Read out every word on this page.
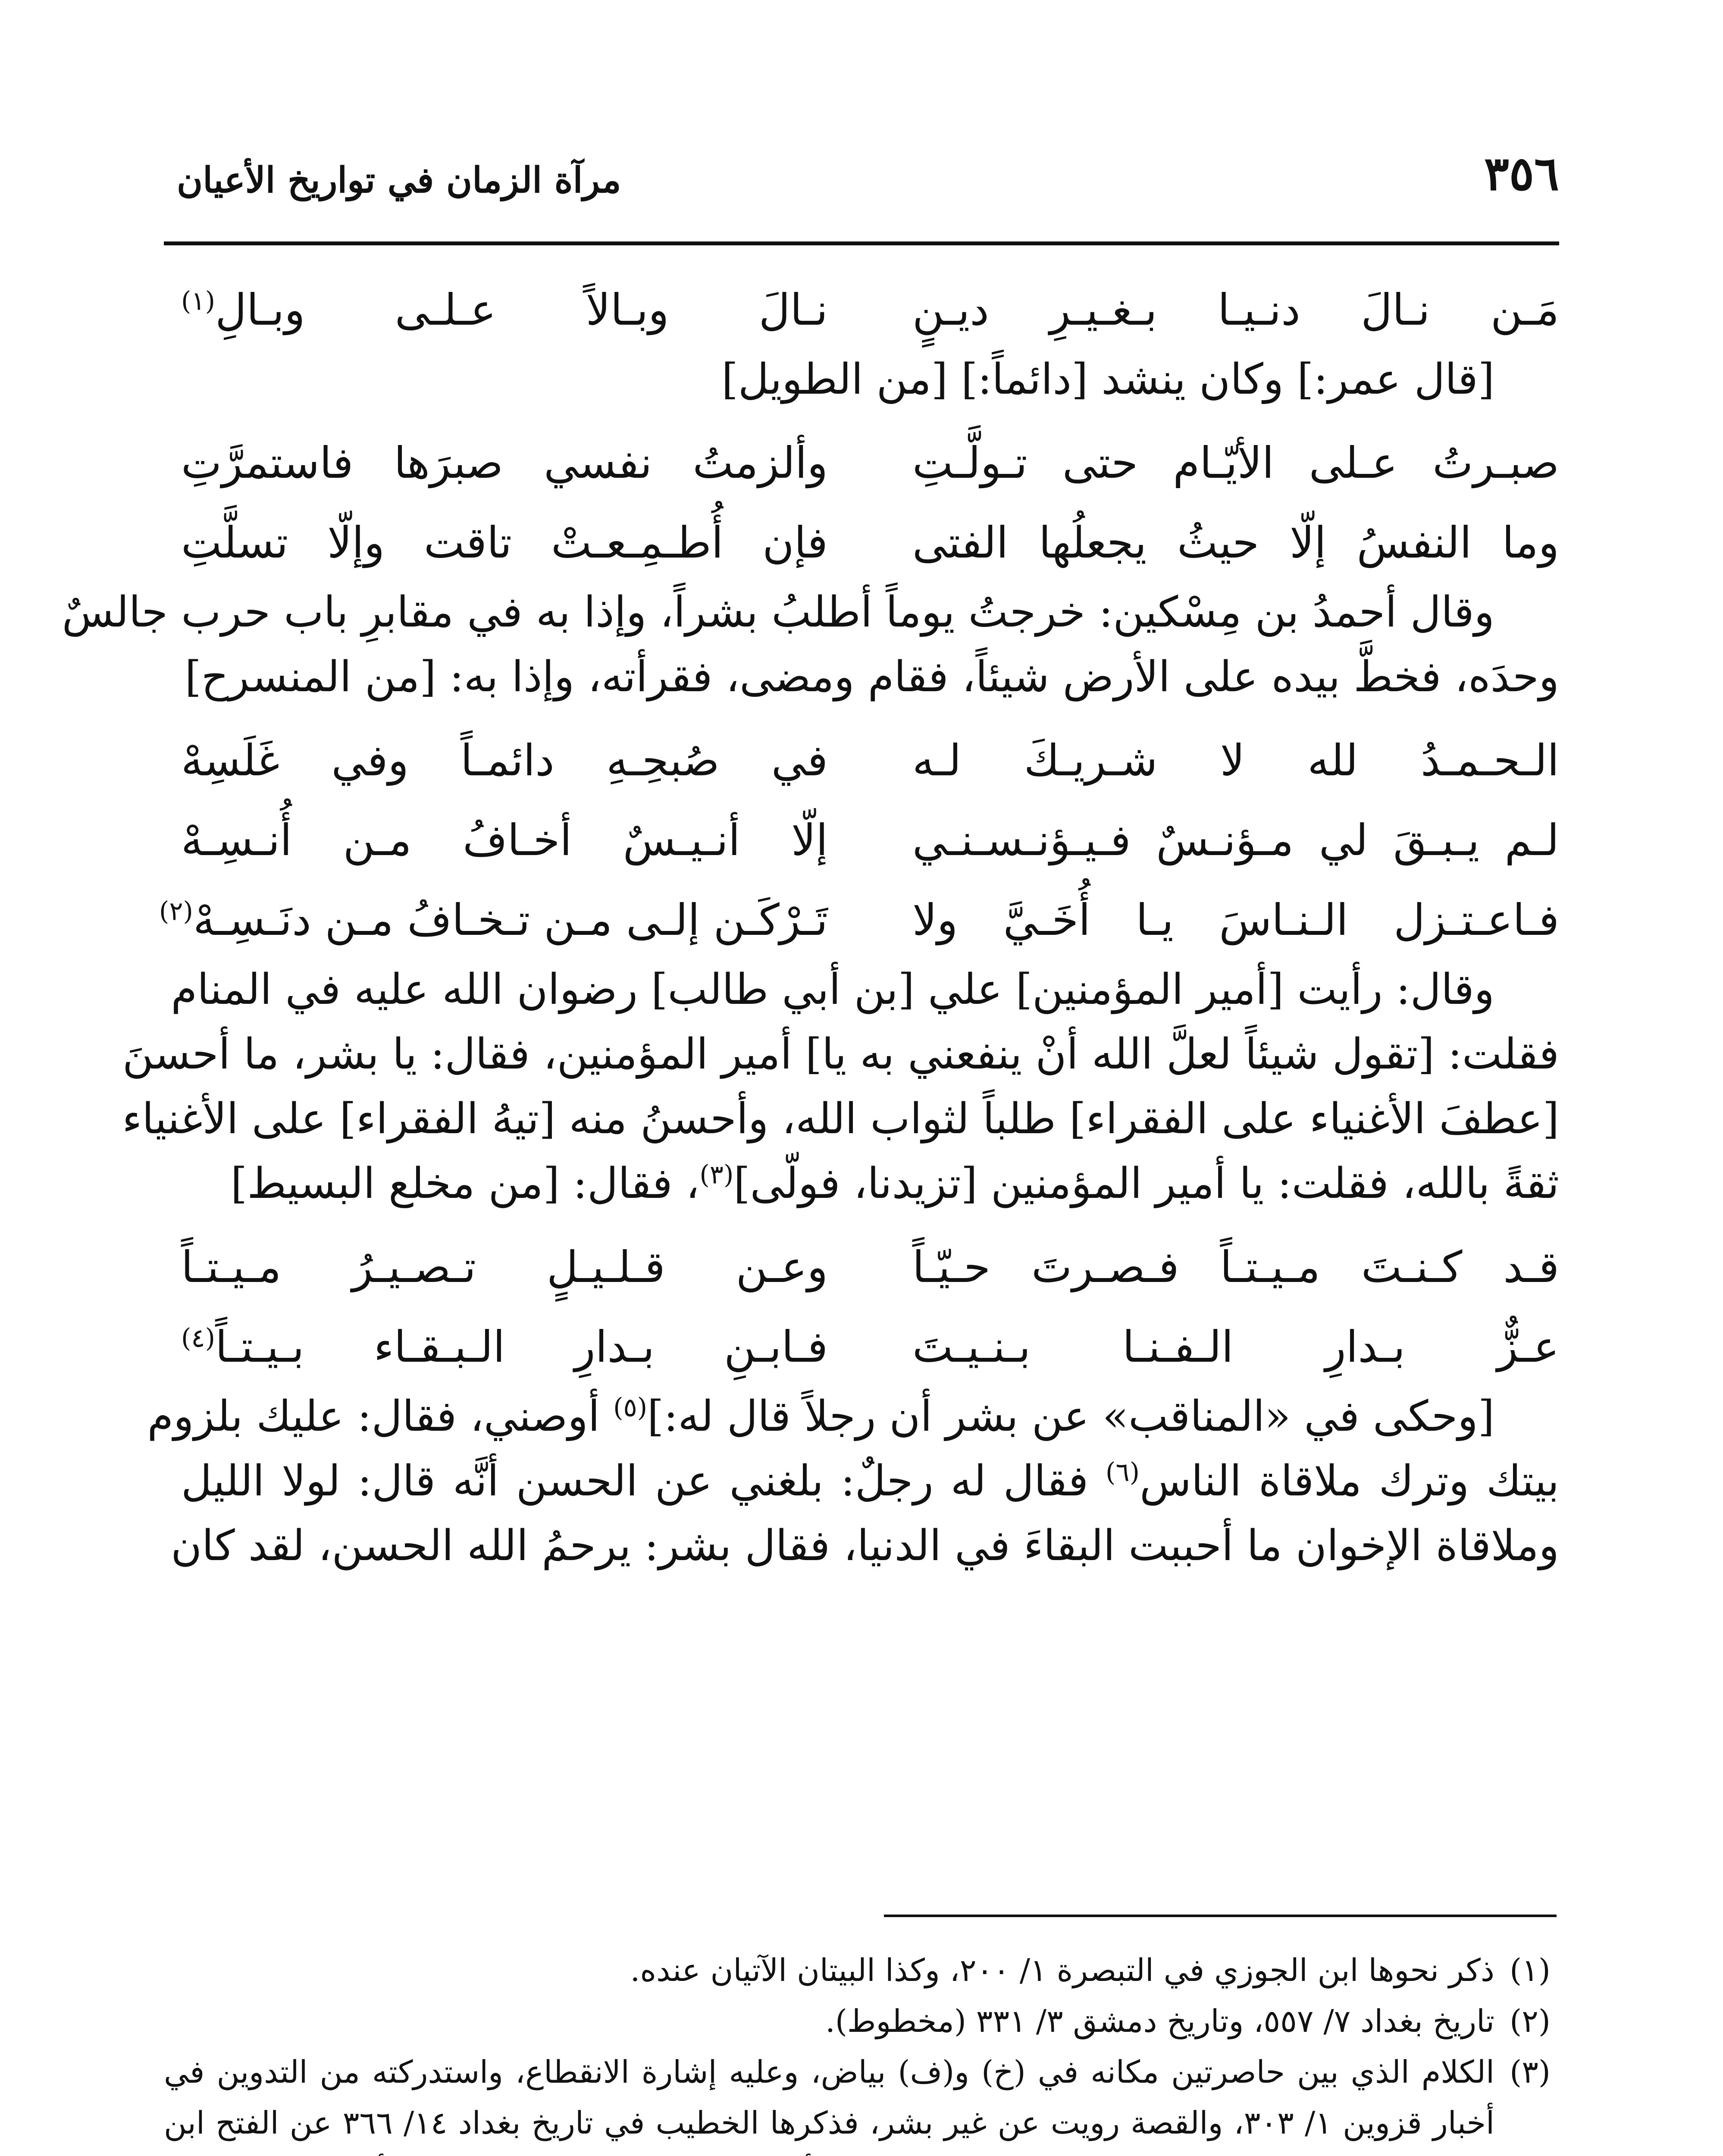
٣٥٦
مرآة الزمان في تواريخ الأعيان
مَـن نـالَ دنـيـا بـغـيـرِ ديـنٍ
نـالَ وبـالاً عـلـى وبـالِ$^{(١)}$
[قال عمر:] وكان ينشد [دائماً:] [من الطويل]
صبـرتُ عـلى الأيّـام حتى تـولَّـتِ
وألزمتُ نفسي صبرَها فاستمرَّتِ
وما النفسُ إلّا حيثُ يجعلُها الفتى
فإن أُطـمِـعـتْ تاقت وإلّا تسلَّتِ
وقال أحمدُ بن مِسْكين: خرجتُ يوماً أطلبُ بشراً، وإذا به في مقابرِ باب حرب جالسٌ
وحدَه، فخطَّ بيده على الأرض شيئاً، فقام ومضى، فقرأته، وإذا به: [من المنسرح]
الـحـمـدُ لله لا شـريـكَ لـه
في صُبحِـهِ دائمـاً وفي غَلَسِهْ
لـم يـبـقَ لي مـؤنـسٌ فـيـؤنـسـنـي
إلّا أنـيـسٌ أخـافُ مـن أُنـسِـهْ
فـاعـتـزل الـنـاسَ يـا أُخَـيَّ ولا
تَـرْكَـن إلـى مـن تـخـافُ مـن دنَـسِـهْ$^{(٢)}$
وقال: رأيت [أمير المؤمنين] علي [بن أبي طالب] رضوان الله عليه في المنام
فقلت: [تقول شيئاً لعلَّ الله أنْ ينفعني به يا] أمير المؤمنين، فقال: يا بشر، ما أحسنَ
[عطفَ الأغنياء على الفقراء] طلباً لثواب الله، وأحسنُ منه [تيهُ الفقراء] على الأغنياء
ثقةً بالله، فقلت: يا أمير المؤمنين [تزيدنا، فولّى]$^{(٣)}$، فقال: [من مخلع البسيط]
قـد كـنـتَ مـيـتـاً فـصـرتَ حـيّـاً
وعـن قـلـيـلٍ تـصـيـرُ مـيـتـاً
عـزٌّ بـدارِ الـفـنـا بـنـيـتَ
فـابـنِ بـدارِ الـبـقـاء بـيـتـاً$^{(٤)}$
[وحكى في «المناقب» عن بشر أن رجلاً قال له:]$^{(٥)}$ أوصني، فقال: عليك بلزوم
بيتك وترك ملاقاة الناس$^{(٦)}$ فقال له رجلٌ: بلغني عن الحسن أنَّه قال: لولا الليل
وملاقاة الإخوان ما أحببت البقاءَ في الدنيا، فقال بشر: يرحمُ الله الحسن، لقد كان
(١)
ذكر نحوها ابن الجوزي في التبصرة ١/ ٢٠٠، وكذا البيتان الآتيان عنده.
(٢)
تاريخ بغداد ٧/ ٥٥٧، وتاريخ دمشق ٣/ ٣٣١ (مخطوط).
(٣)
الكلام الذي بين حاصرتين مكانه في (خ) و(ف) بياض، وعليه إشارة الانقطاع، واستدركته من التدوين في أخبار قزوين ١/ ٣٠٣، والقصة رويت عن غير بشر، فذكرها الخطيب في تاريخ بغداد ١٤/ ٣٦٦ عن الفتح ابن
